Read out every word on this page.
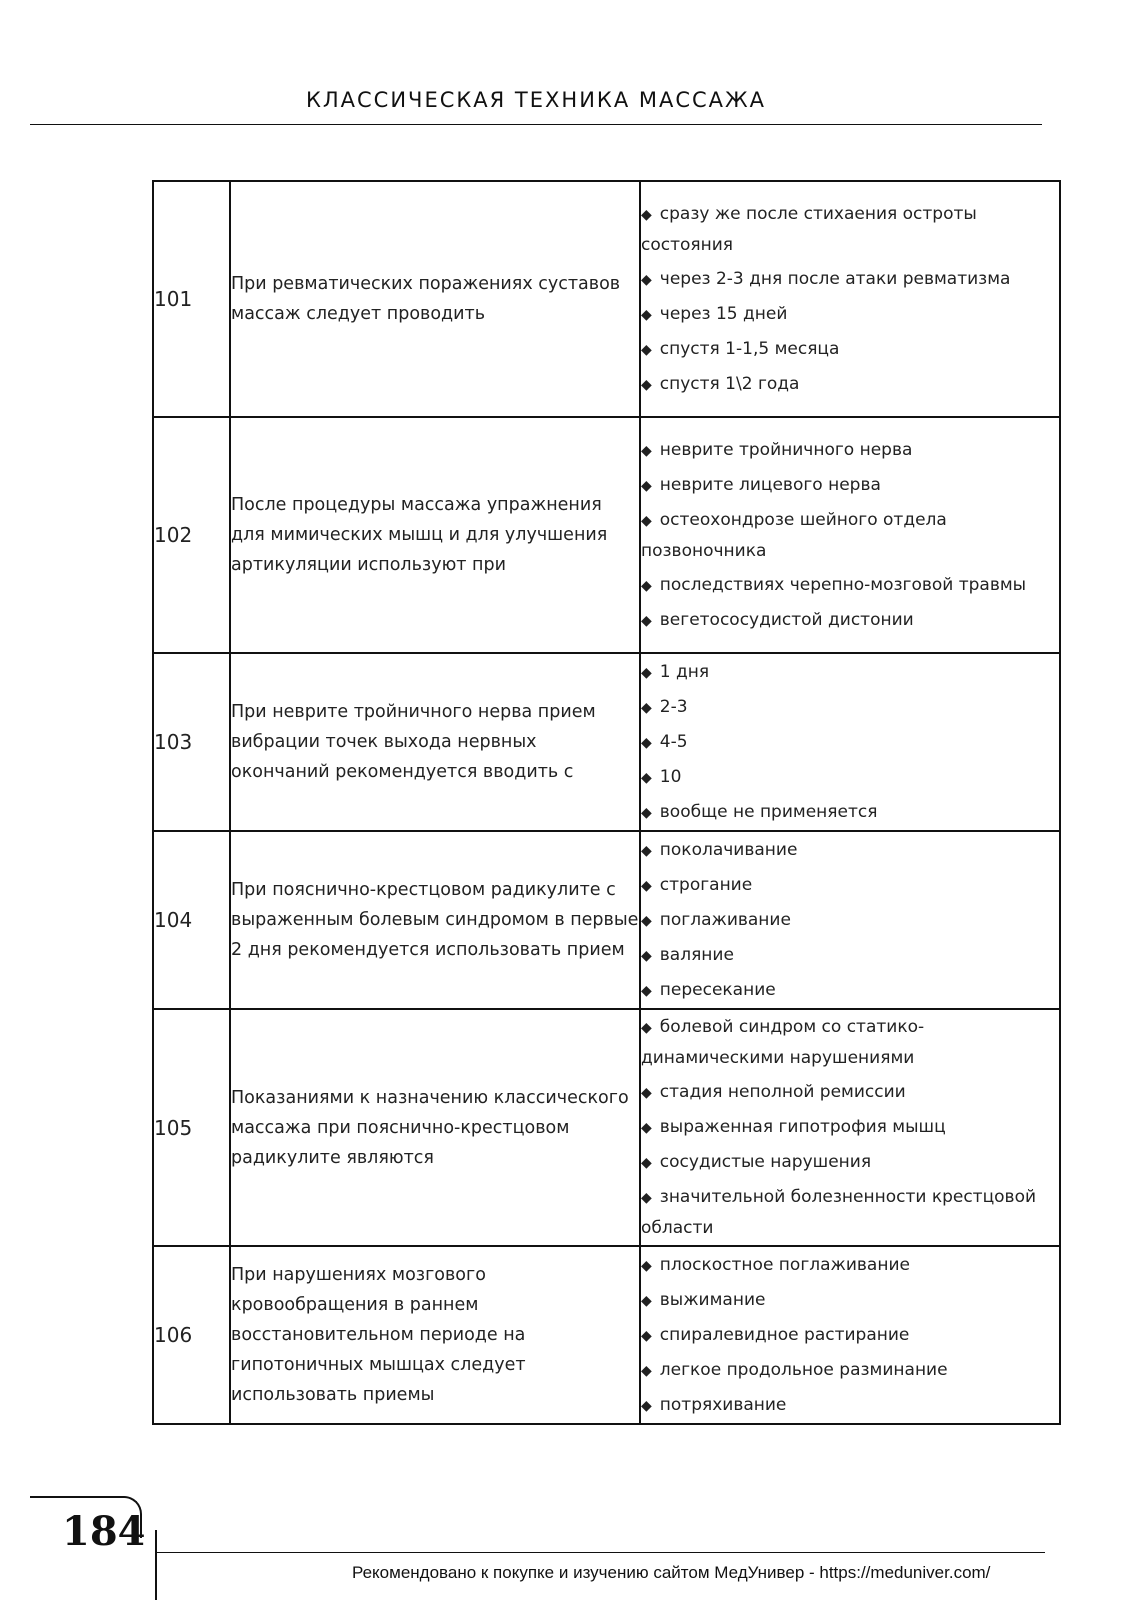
КЛАССИЧЕСКАЯ ТЕХНИКА МАССАЖА
101	При ревматических поражениях суставов массаж следует проводить	◆ сразу же после стихаения остроты состояния
◆ через 2-3 дня после атаки ревматизма
◆ через 15 дней
◆ спустя 1-1,5 месяца
◆ спустя 1\2 года

102	После процедуры массажа упражнения для мимических мышц и для улучшения артикуляции используют при	◆ неврите тройничного нерва
◆ неврите лицевого нерва
◆ остеохондрозе шейного отдела позвоночника
◆ последствиях черепно-мозговой травмы
◆ вегетососудистой дистонии

103	При неврите тройничного нерва прием вибрации точек выхода нервных окончаний рекомендуется вводить с	◆ 1 дня
◆ 2-3
◆ 4-5
◆ 10
◆ вообще не применяется

104	При пояснично-крестцовом радикулите с выраженным болевым синдромом в первые 2 дня рекомендуется использовать прием	◆ поколачивание
◆ строгание
◆ поглаживание
◆ валяние
◆ пересекание

105	Показаниями к назначению классического массажа при пояснично-крестцовом радикулите являются	◆ болевой синдром со статико-динамическими нарушениями
◆ стадия неполной ремиссии
◆ выраженная гипотрофия мышц
◆ сосудистые нарушения
◆ значительной болезненности крестцовой области

106	При нарушениях мозгового кровообращения в раннем восстановительном периоде на гипотоничных мышцах следует использовать приемы	◆ плоскостное поглаживание
◆ выжимание
◆ спиралевидное растирание
◆ легкое продольное разминание
◆ потряхивание
184
Рекомендовано к покупке и изучению сайтом МедУнивер - https://meduniver.com/
